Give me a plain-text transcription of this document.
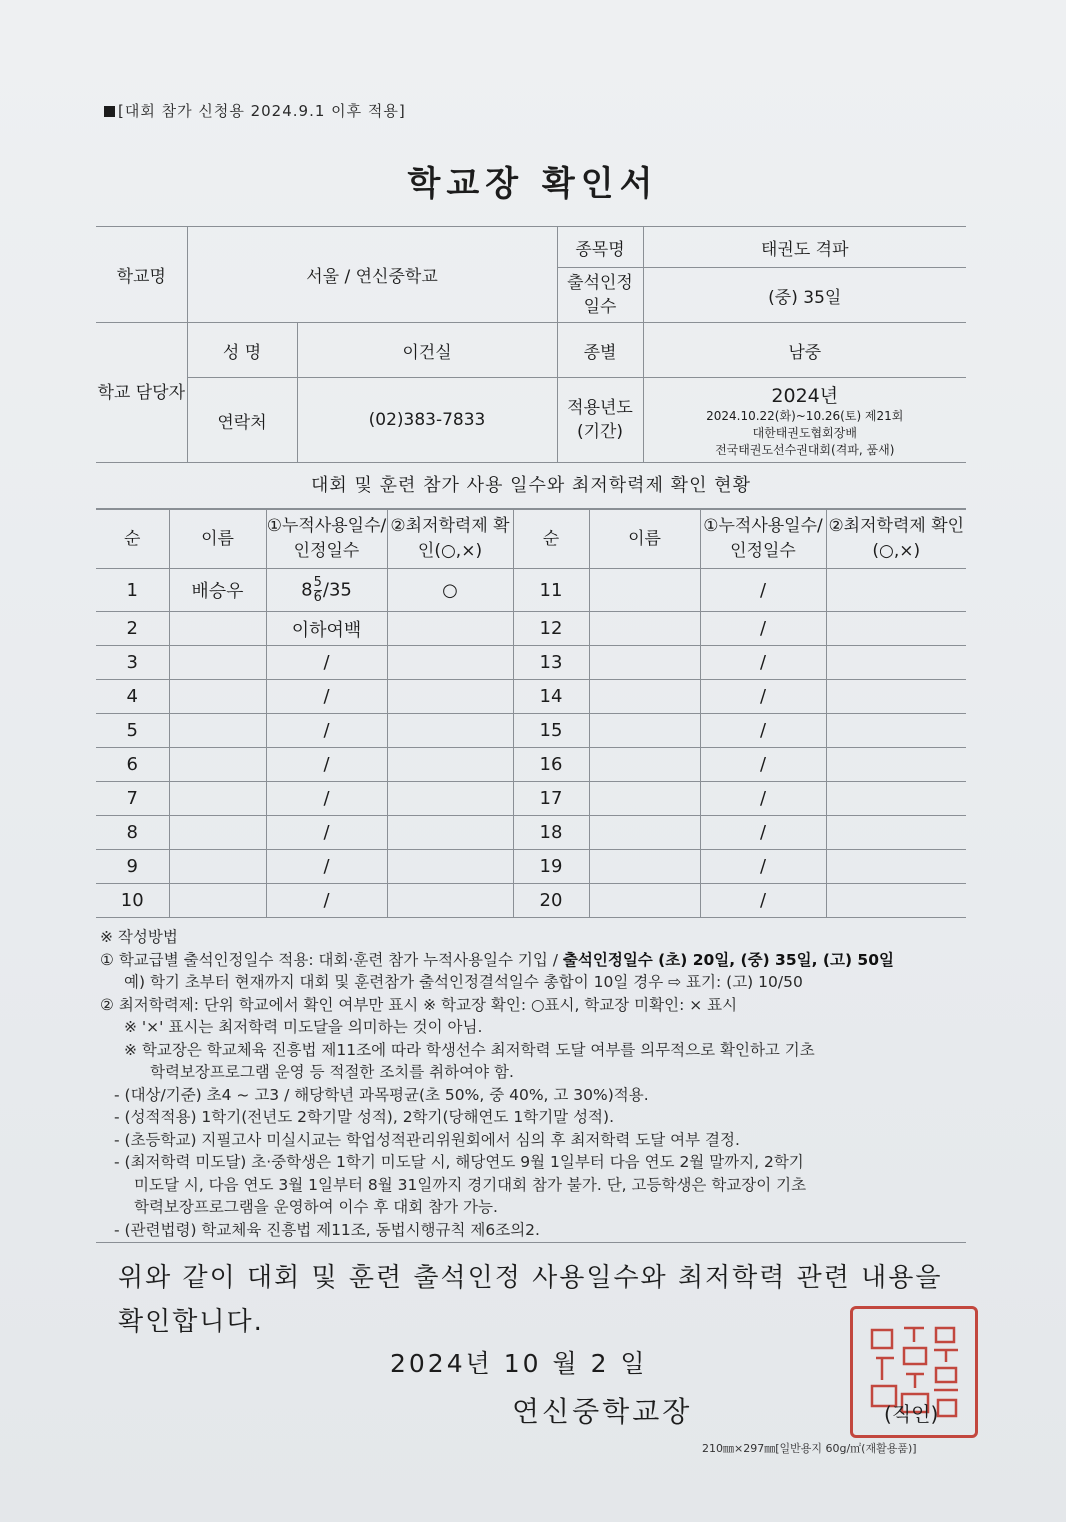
[대회 참가 신청용 2024.9.1 이후 적용]
학교장 확인서
학교명	서울 / 연신중학교		종목명	태권도 격파
			출석인정 일수	(중) 35일
학교 담당자	성 명	이건실	종별	남중
	연락처	(02)383-7833	적용년도 (기간)	2024년
2024.10.22(화)~10.26(토) 제21회
대한태권도협회장배
전국태권도선수권대회(격파, 품새)
대회 및 훈련 참가 사용 일수와 최저학력제 확인 현황
순	이름	①누적사용일수/인정일수	②최저학력제 확인(○,×)	순	이름	①누적사용일수/인정일수	②최저학력제 확인(○,×)
1	배승우	$8 \frac{5}{6} /35$	○	11		/	
2		이하여백		12		/	
3		/		13		/	
4		/		14		/	
5		/		15		/	
6		/		16		/	
7		/		17		/	
8		/		18		/	
9		/		19		/	
10		/		20		/	
※ 작성방법
① 학교급별 출석인정일수 적용: 대회·훈련 참가 누적사용일수 기입 / 출석인정일수 (초) 20일, (중) 35일, (고) 50일
예) 학기 초부터 현재까지 대회 및 훈련참가 출석인정결석일수 총합이 10일 경우 ⇨ 표기: (고) 10/50
② 최저학력제: 단위 학교에서 확인 여부만 표시 ※ 학교장 확인: ○표시, 학교장 미확인: × 표시
※ '×' 표시는 최저학력 미도달을 의미하는 것이 아님.
※ 학교장은 학교체육 진흥법 제11조에 따라 학생선수 최저학력 도달 여부를 의무적으로 확인하고 기초
학력보장프로그램 운영 등 적절한 조치를 취하여야 함.
- (대상/기준) 초4 ~ 고3 / 해당학년 과목평균(초 50%, 중 40%, 고 30%)적용.
- (성적적용) 1학기(전년도 2학기말 성적), 2학기(당해연도 1학기말 성적).
- (초등학교) 지필고사 미실시교는 학업성적관리위원회에서 심의 후 최저학력 도달 여부 결정.
- (최저학력 미도달) 초·중학생은 1학기 미도달 시, 해당연도 9월 1일부터 다음 연도 2월 말까지, 2학기
미도달 시, 다음 연도 3월 1일부터 8월 31일까지 경기대회 참가 불가. 단, 고등학생은 학교장이 기초
학력보장프로그램을 운영하여 이수 후 대회 참가 가능.
- (관련법령) 학교체육 진흥법 제11조, 동법시행규칙 제6조의2.
위와 같이 대회 및 훈련 출석인정 사용일수와 최저학력 관련 내용을
확인합니다.
2024년 10 월 2 일
연신중학교장	(직인)
210㎜×297㎜[일반용지 60g/㎡(재활용품)]
